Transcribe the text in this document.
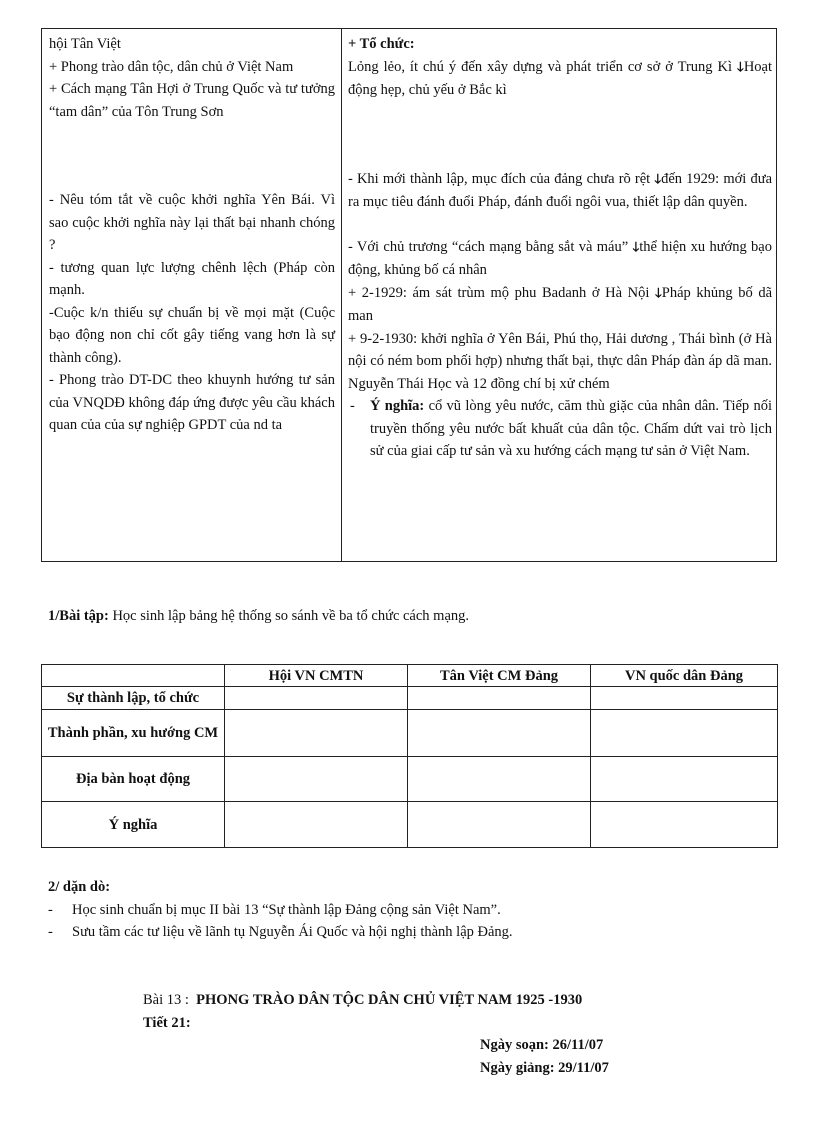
hội Tân Việt

+ Phong trào dân tộc, dân chủ ở Việt Nam

+ Cách mạng Tân Hợi ở Trung Quốc và tư tưởng “tam dân” của Tôn Trung Sơn

- Nêu tóm tắt về cuộc khởi nghĩa Yên Bái. Vì sao cuộc khởi nghĩa này lại thất bại nhanh chóng ?

- tương quan lực lượng chênh lệch (Pháp còn mạnh.

-Cuộc k/n thiếu sự chuẩn bị về mọi mặt (Cuộc bạo động non chỉ cốt gây tiếng vang hơn là sự thành công).

- Phong trào DT-DC theo khuynh hướng tư sản của VNQDĐ không đáp ứng được yêu cầu khách quan của của sự nghiệp GPDT của nd ta

+ Tổ chức:

Lỏng lẻo, ít chú ý đến xây dựng và phát triển cơ sở ở Trung Kì 🡓Hoạt động hẹp, chủ yếu ở Bắc kì

- Khi mới thành lập, mục đích của đảng chưa rõ rệt 🡓đến 1929: mới đưa ra mục tiêu đánh đuổi Pháp, đánh đuổi ngôi vua, thiết lập dân quyền.

- Với chủ trương “cách mạng bằng sắt và máu” 🡓thể hiện xu hướng bạo động, khủng bố cá nhân

+ 2-1929: ám sát trùm mộ phu Badanh ở Hà Nội 🡓Pháp khủng bố dã man

+ 9-2-1930: khởi nghĩa ở Yên Bái, Phú thọ, Hải dương , Thái bình (ở Hà nội có ném bom phối hợp) nhưng thất bại, thực dân Pháp đàn áp dã man. Nguyễn Thái Học và 12 đồng chí bị xử chém

- Ý nghĩa: cổ vũ lòng yêu nước, căm thù giặc của nhân dân. Tiếp nối truyền thống yêu nước bất khuất của dân tộc. Chấm dứt vai trò lịch sử của giai cấp tư sản và xu hướng cách mạng tư sản ở Việt Nam.

1/Bài tập: Học sinh lập bảng hệ thống so sánh về ba tổ chức cách mạng.

	Hội VN CMTN	Tân Việt CM Đảng	VN quốc dân Đảng
Sự thành lập, tổ chức			
Thành phần, xu hướng CM			
Địa bàn hoạt động			
Ý nghĩa			

2/ dặn dò:

- Học sinh chuẩn bị mục II bài 13 “Sự thành lập Đảng cộng sản Việt Nam”.

- Sưu tầm các tư liệu về lãnh tụ Nguyễn Ái Quốc và hội nghị thành lập Đảng.

Bài 13 : PHONG TRÀO DÂN TỘC DÂN CHỦ VIỆT NAM 1925 -1930

Tiết 21:

Ngày soạn: 26/11/07

Ngày giảng: 29/11/07
